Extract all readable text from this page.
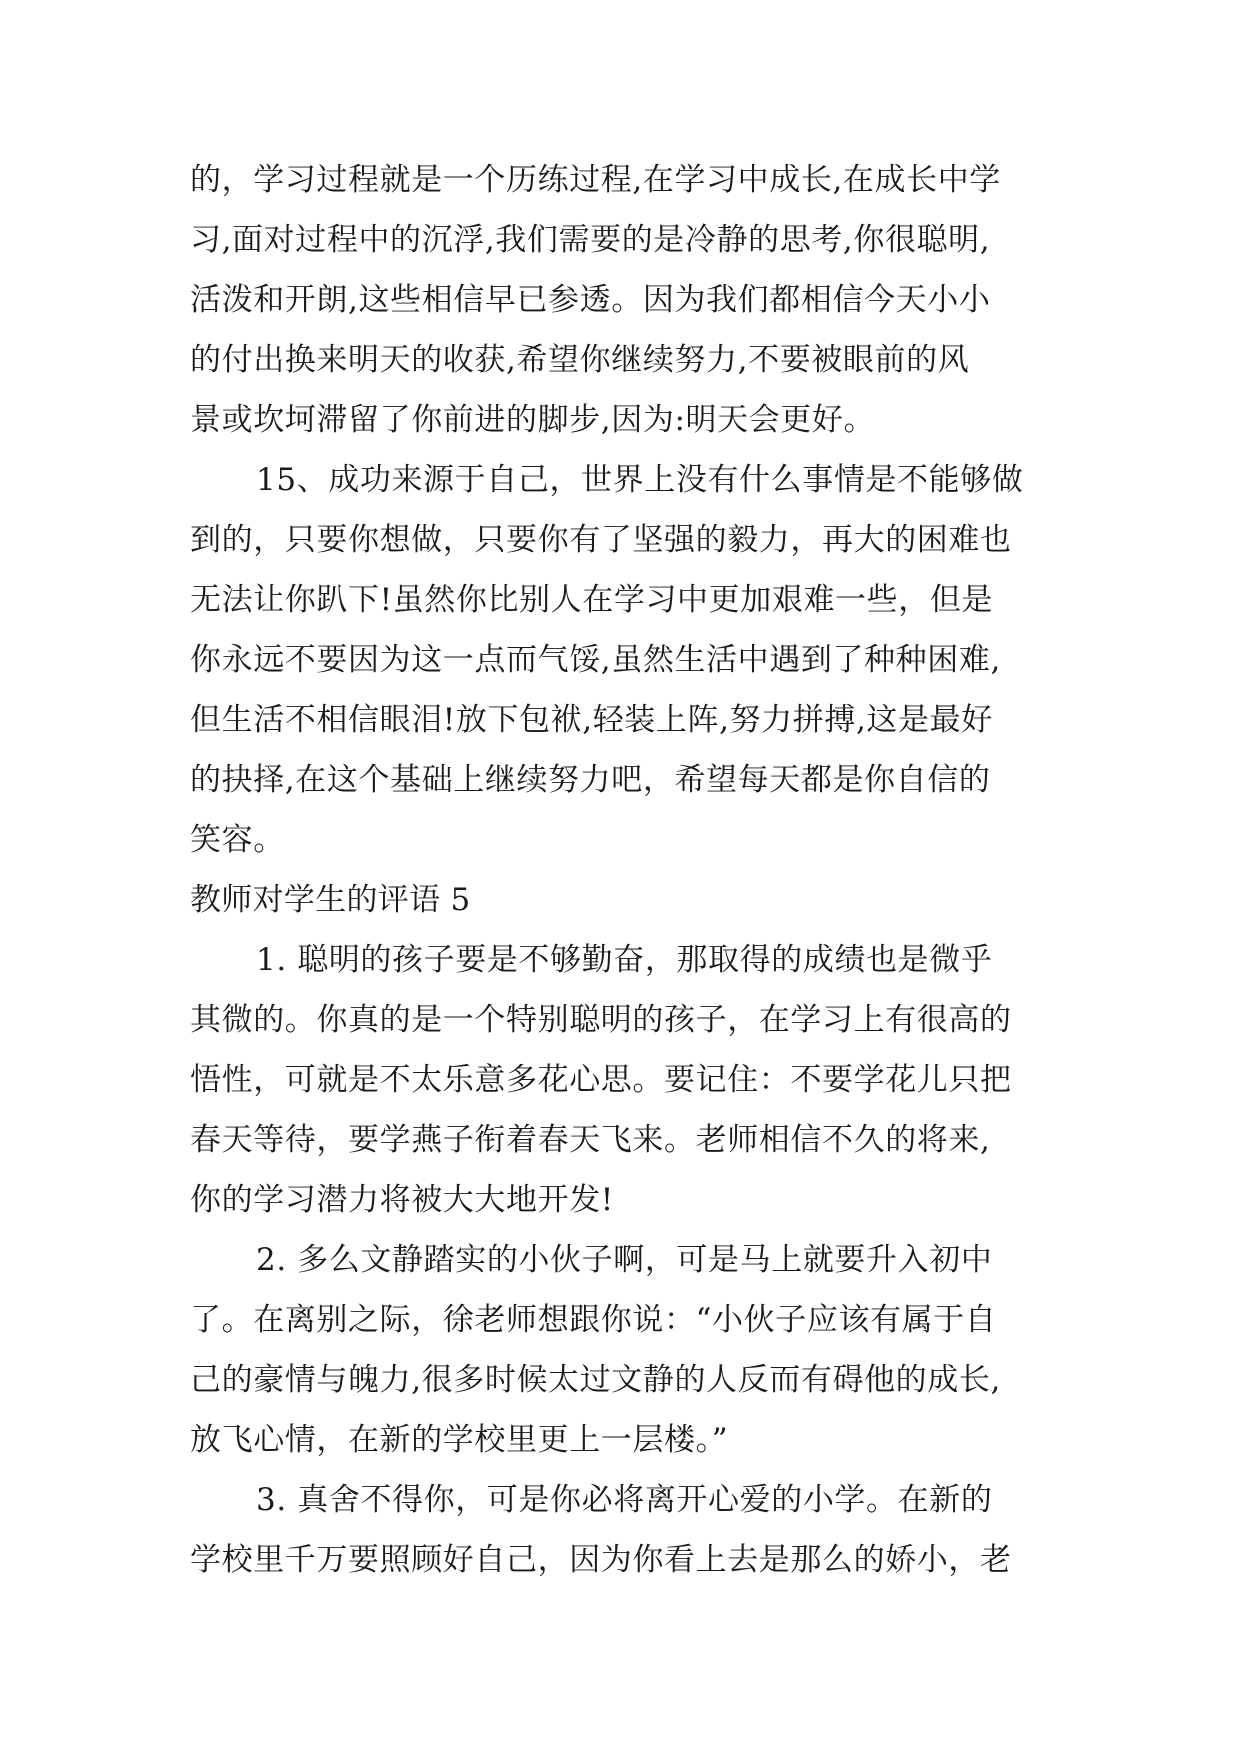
的，学习过程就是一个历练过程,在学习中成长,在成长中学
习,面对过程中的沉浮,我们需要的是冷静的思考,你很聪明,
活泼和开朗,这些相信早已参透。因为我们都相信今天小小
的付出换来明天的收获,希望你继续努力,不要被眼前的风
景或坎坷滞留了你前进的脚步,因为:明天会更好。
15、成功来源于自己，世界上没有什么事情是不能够做
到的，只要你想做，只要你有了坚强的毅力，再大的困难也
无法让你趴下!虽然你比别人在学习中更加艰难一些，但是
你永远不要因为这一点而气馁,虽然生活中遇到了种种困难,
但生活不相信眼泪!放下包袱,轻装上阵,努力拼搏,这是最好
的抉择,在这个基础上继续努力吧，希望每天都是你自信的
笑容。
教师对学生的评语 5
1. 聪明的孩子要是不够勤奋，那取得的成绩也是微乎
其微的。你真的是一个特别聪明的孩子，在学习上有很高的
悟性，可就是不太乐意多花心思。要记住：不要学花儿只把
春天等待，要学燕子衔着春天飞来。老师相信不久的将来,
你的学习潜力将被大大地开发!
2. 多么文静踏实的小伙子啊，可是马上就要升入初中
了。在离别之际，徐老师想跟你说：“小伙子应该有属于自
己的豪情与魄力,很多时候太过文静的人反而有碍他的成长,
放飞心情，在新的学校里更上一层楼。”
3. 真舍不得你，可是你必将离开心爱的小学。在新的
学校里千万要照顾好自己，因为你看上去是那么的娇小，老
